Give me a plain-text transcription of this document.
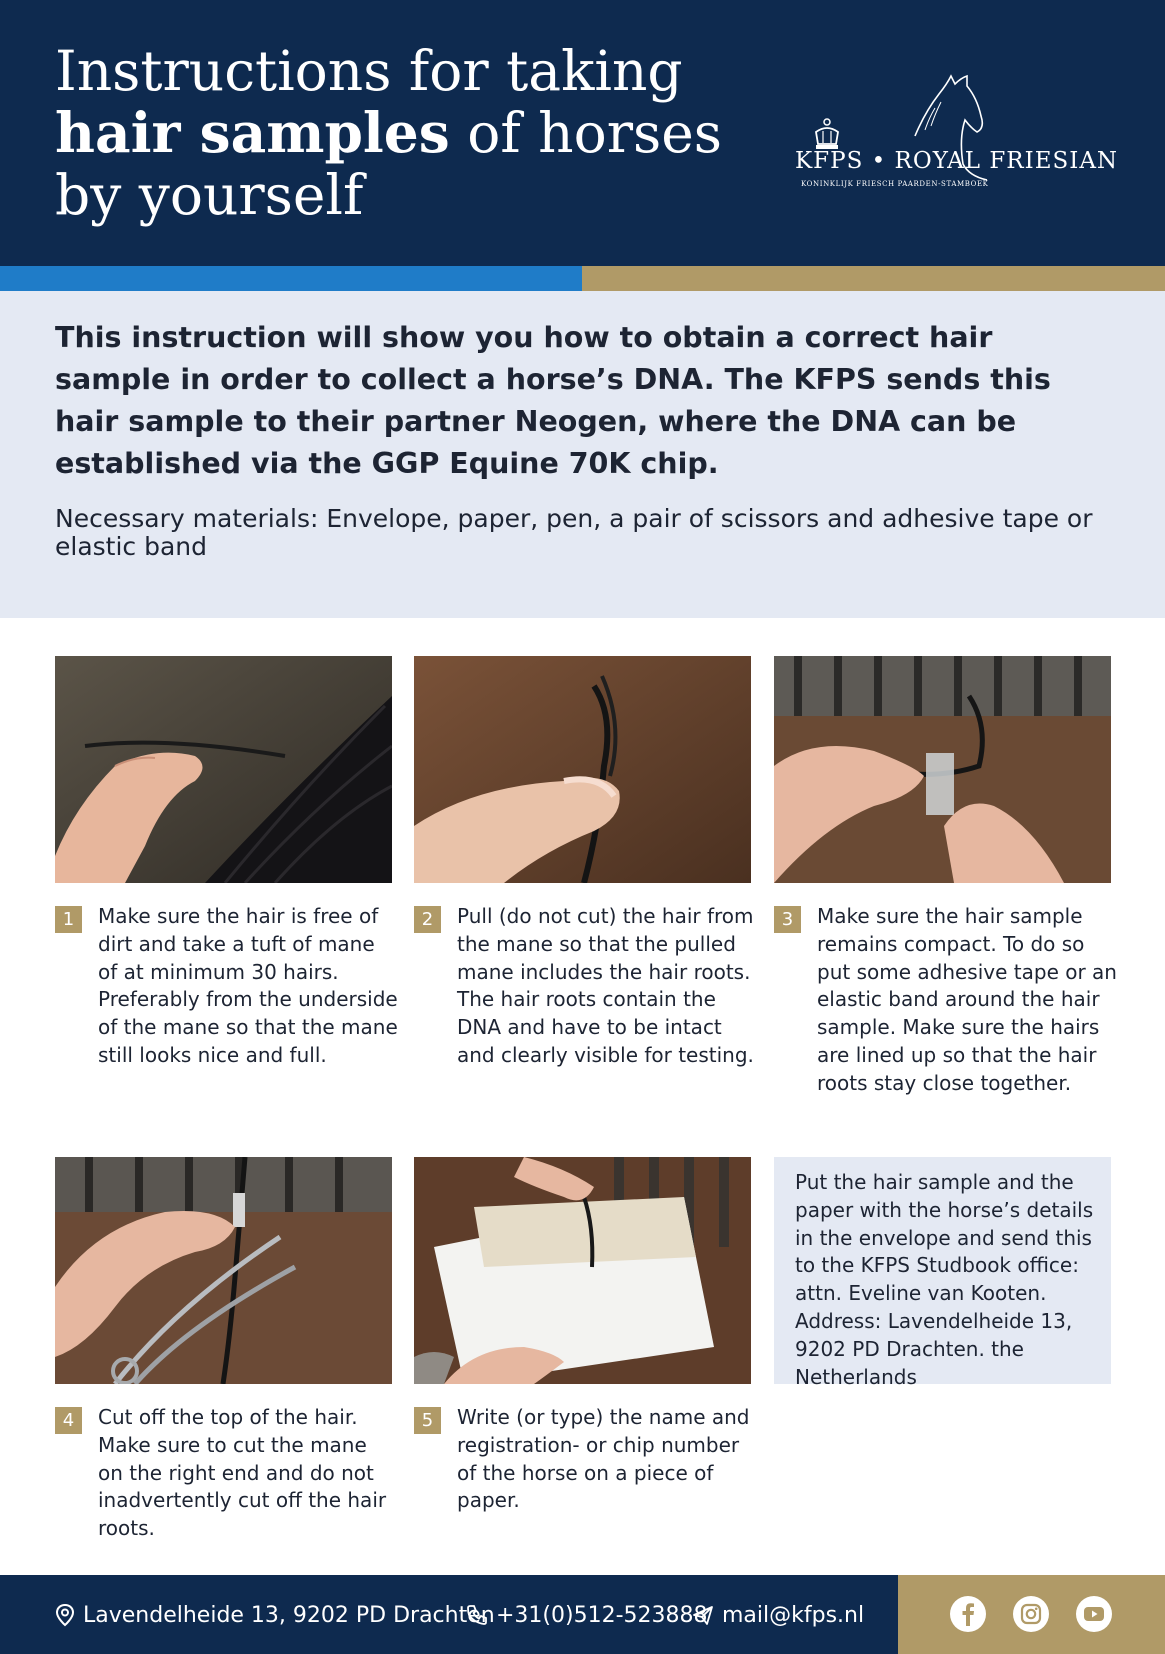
Instructions for taking
hair samples of horses
by yourself
KFPS • ROYAL FRIESIAN
KONINKLIJK FRIESCH PAARDEN-STAMBOEK

This instruction will show you how to obtain a correct hair sample in order to collect a horse’s DNA. The KFPS sends this hair sample to their partner Neogen, where the DNA can be established via the GGP Equine 70K chip.

Necessary materials: Envelope, paper, pen, a pair of scissors and adhesive tape or elastic band

1	Make sure the hair is free of dirt and take a tuft of mane of at minimum 30 hairs. Preferably from the underside of the mane so that the mane still looks nice and full.

2	Pull (do not cut) the hair from the mane so that the pulled mane includes the hair roots. The hair roots contain the DNA and have to be intact and clearly visible for testing.

3	Make sure the hair sample remains compact. To do so put some adhesive tape or an elastic band around the hair sample. Make sure the hairs are lined up so that the hair roots stay close together.

4	Cut off the top of the hair. Make sure to cut the mane on the right end and do not inadvertently cut off the hair roots.

5	Write (or type) the name and registration- or chip number of the horse on a piece of paper.

Put the hair sample and the paper with the horse’s details in the envelope and send this to the KFPS Studbook office: attn. Eveline van Kooten. Address: Lavendelheide 13, 9202 PD Drachten. the Netherlands

Lavendelheide 13, 9202 PD Drachten +31(0)512-523888 mail@kfps.nl
